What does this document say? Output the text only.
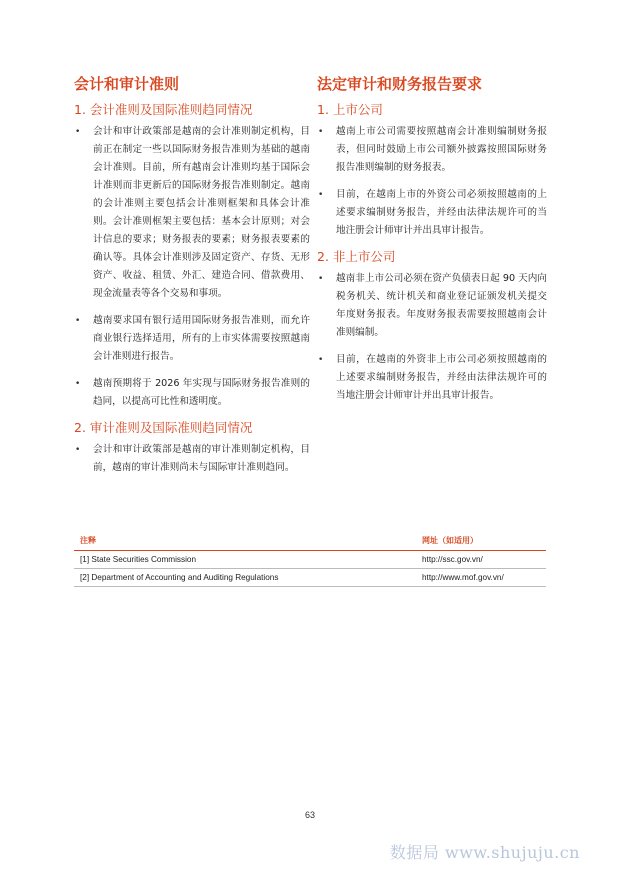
会计和审计准则
1. 会计准则及国际准则趋同情况
• 会计和审计政策部是越南的会计准则制定机构，目前正在制定一些以国际财务报告准则为基础的越南会计准则。目前，所有越南会计准则均基于国际会计准则而非更新后的国际财务报告准则制定。越南的会计准则主要包括会计准则框架和具体会计准则。会计准则框架主要包括：基本会计原则；对会计信息的要求；财务报表的要素；财务报表要素的确认等。具体会计准则涉及固定资产、存货、无形资产、收益、租赁、外汇、建造合同、借款费用、现金流量表等各个交易和事项。
• 越南要求国有银行适用国际财务报告准则，而允许商业银行选择适用，所有的上市实体需要按照越南会计准则进行报告。
• 越南预期将于 2026 年实现与国际财务报告准则的趋同，以提高可比性和透明度。
2. 审计准则及国际准则趋同情况
• 会计和审计政策部是越南的审计准则制定机构，目前，越南的审计准则尚未与国际审计准则趋同。
法定审计和财务报告要求
1. 上市公司
• 越南上市公司需要按照越南会计准则编制财务报表，但同时鼓励上市公司额外披露按照国际财务报告准则编制的财务报表。
• 目前，在越南上市的外资公司必须按照越南的上述要求编制财务报告，并经由法律法规许可的当地注册会计师审计并出具审计报告。
2. 非上市公司
• 越南非上市公司必须在资产负债表日起 90 天内向税务机关、统计机关和商业登记证颁发机关提交年度财务报表。年度财务报表需要按照越南会计准则编制。
• 目前，在越南的外资非上市公司必须按照越南的上述要求编制财务报告，并经由法律法规许可的当地注册会计师审计并出具审计报告。
注释	网址（如适用）
[1] State Securities Commission	http://ssc.gov.vn/
[2] Department of Accounting and Auditing Regulations	http://www.mof.gov.vn/
63
数据局 www.shujuju.cn
